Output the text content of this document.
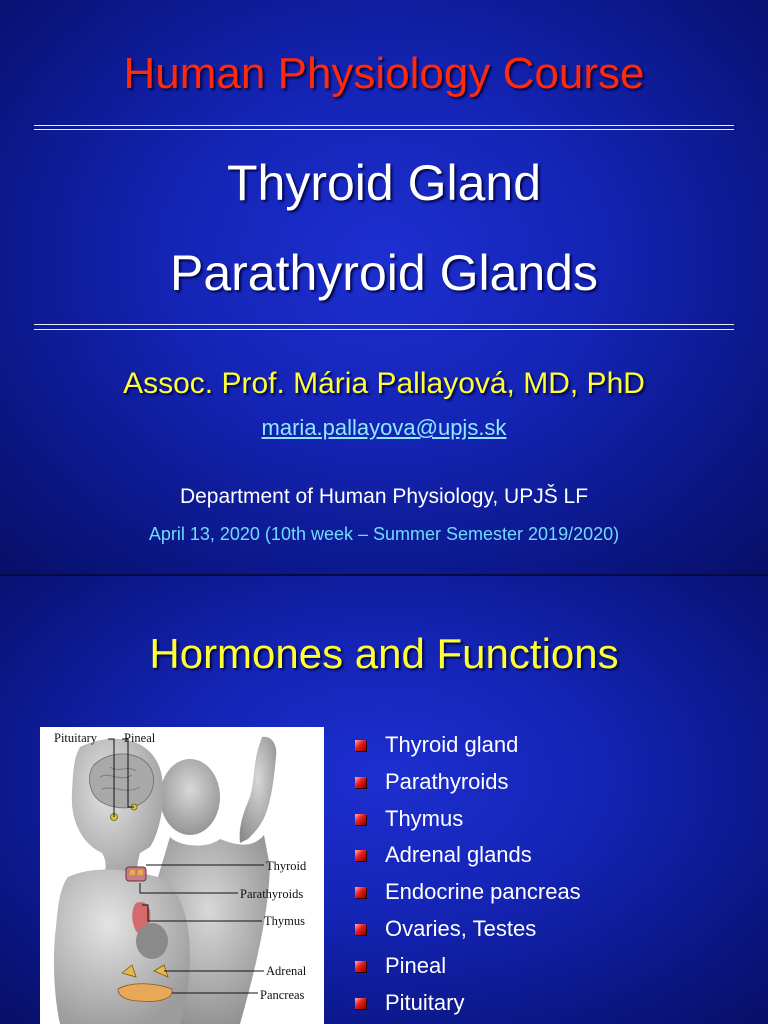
Human Physiology Course
Thyroid Gland
Parathyroid Glands
Assoc. Prof. Mária Pallayová, MD, PhD
maria.pallayova@upjs.sk
Department of Human Physiology, UPJŠ LF
April 13, 2020 (10th week – Summer Semester 2019/2020)
Hormones and Functions
Pituitary Pineal
Thyroid
Parathyroids
Thymus
Adrenal
Pancreas
Thyroid gland
Parathyroids
Thymus
Adrenal glands
Endocrine pancreas
Ovaries, Testes
Pineal
Pituitary
